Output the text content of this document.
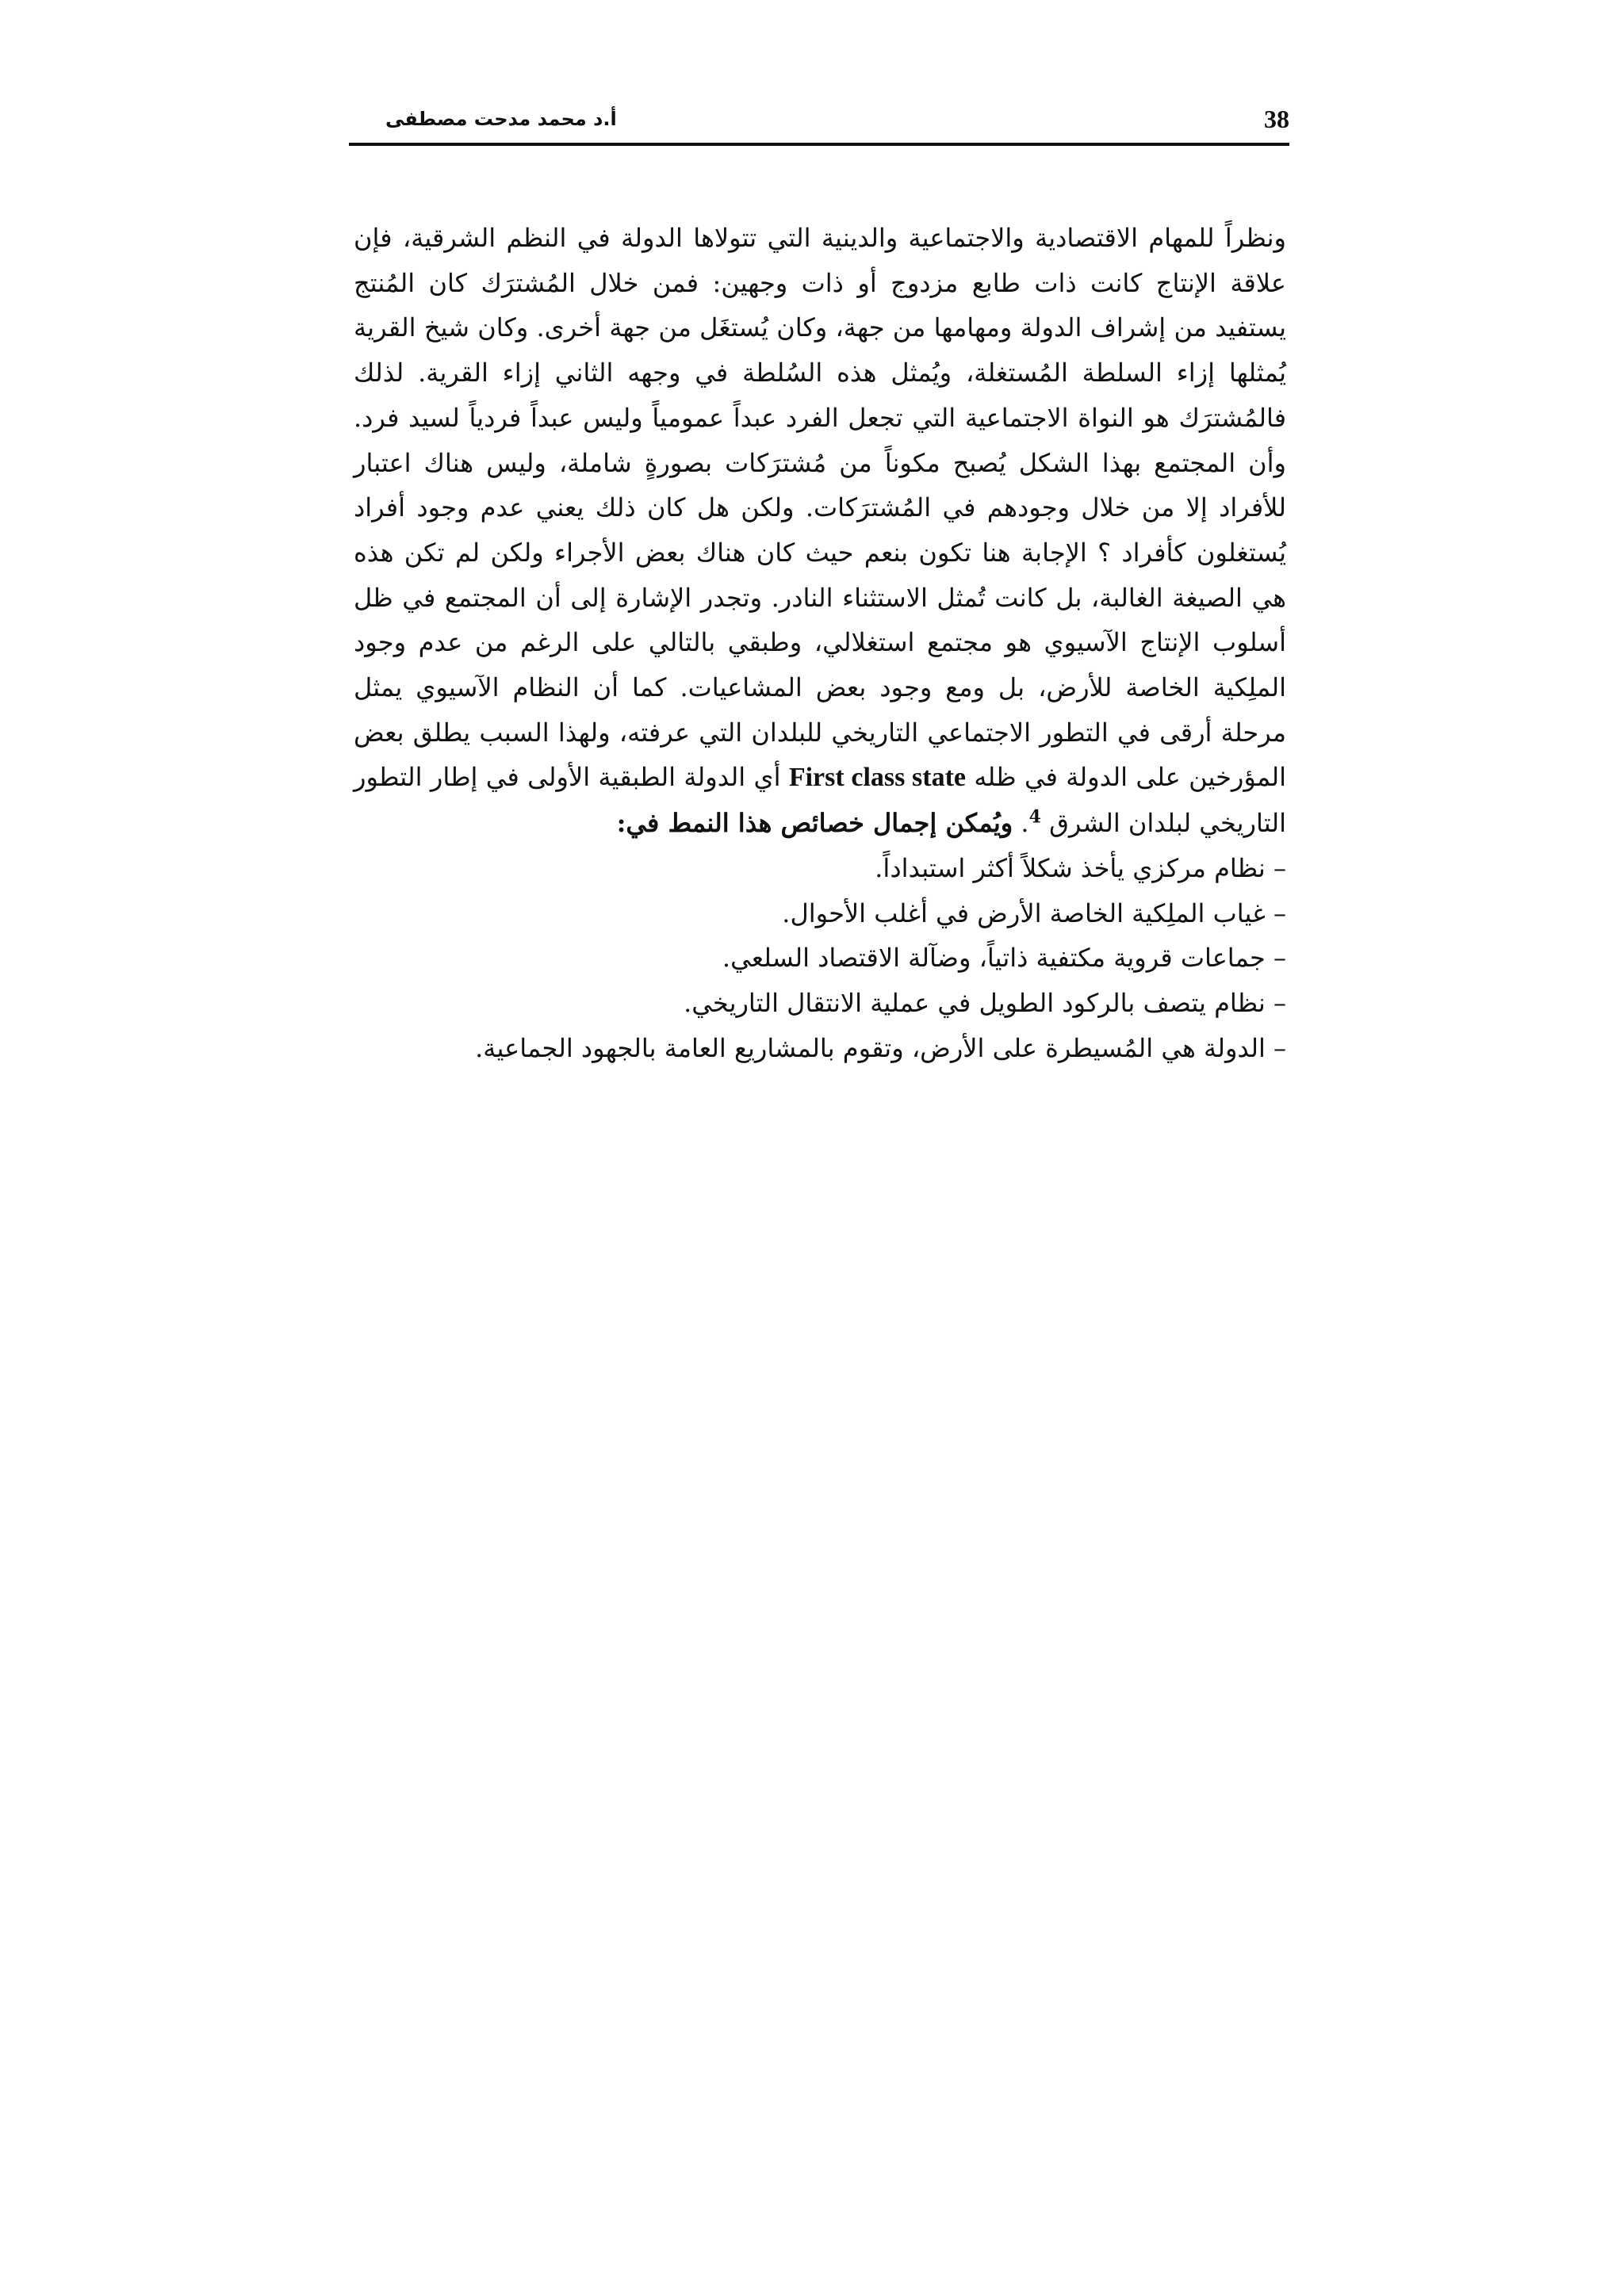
38
أ.د محمد مدحت مصطفى

ونظراً للمهام الاقتصادية والاجتماعية والدينية التي تتولاها الدولة في النظم الشرقية، فإن علاقة الإنتاج كانت ذات طابع مزدوج أو ذات وجهين: فمن خلال المُشترَك كان المُنتج يستفيد من إشراف الدولة ومهامها من جهة، وكان يُستغَل من جهة أخرى. وكان شيخ القرية يُمثلها إزاء السلطة المُستغلة، ويُمثل هذه السُلطة في وجهه الثاني إزاء القرية. لذلك فالمُشترَك هو النواة الاجتماعية التي تجعل الفرد عبداً عمومياً وليس عبداً فردياً لسيد فرد. وأن المجتمع بهذا الشكل يُصبح مكوناً من مُشترَكات بصورةٍ شاملة، وليس هناك اعتبار للأفراد إلا من خلال وجودهم في المُشترَكات. ولكن هل كان ذلك يعني عدم وجود أفراد يُستغلون كأفراد ؟ الإجابة هنا تكون بنعم حيث كان هناك بعض الأجراء ولكن لم تكن هذه هي الصيغة الغالبة، بل كانت تُمثل الاستثناء النادر. وتجدر الإشارة إلى أن المجتمع في ظل أسلوب الإنتاج الآسيوي هو مجتمع استغلالي، وطبقي بالتالي على الرغم من عدم وجود الملِكية الخاصة للأرض، بل ومع وجود بعض المشاعيات. كما أن النظام الآسيوي يمثل مرحلة أرقى في التطور الاجتماعي التاريخي للبلدان التي عرفته، ولهذا السبب يطلق بعض المؤرخين على الدولة في ظله First class state أي الدولة الطبقية الأولى في إطار التطور التاريخي لبلدان الشرق $^4$. ويُمكن إجمال خصائص هذا النمط في:

– نظام مركزي يأخذ شكلاً أكثر استبداداً.
– غياب الملِكية الخاصة الأرض في أغلب الأحوال.
– جماعات قروية مكتفية ذاتياً، وضآلة الاقتصاد السلعي.
– نظام يتصف بالركود الطويل في عملية الانتقال التاريخي.
– الدولة هي المُسيطرة على الأرض، وتقوم بالمشاريع العامة بالجهود الجماعية.
